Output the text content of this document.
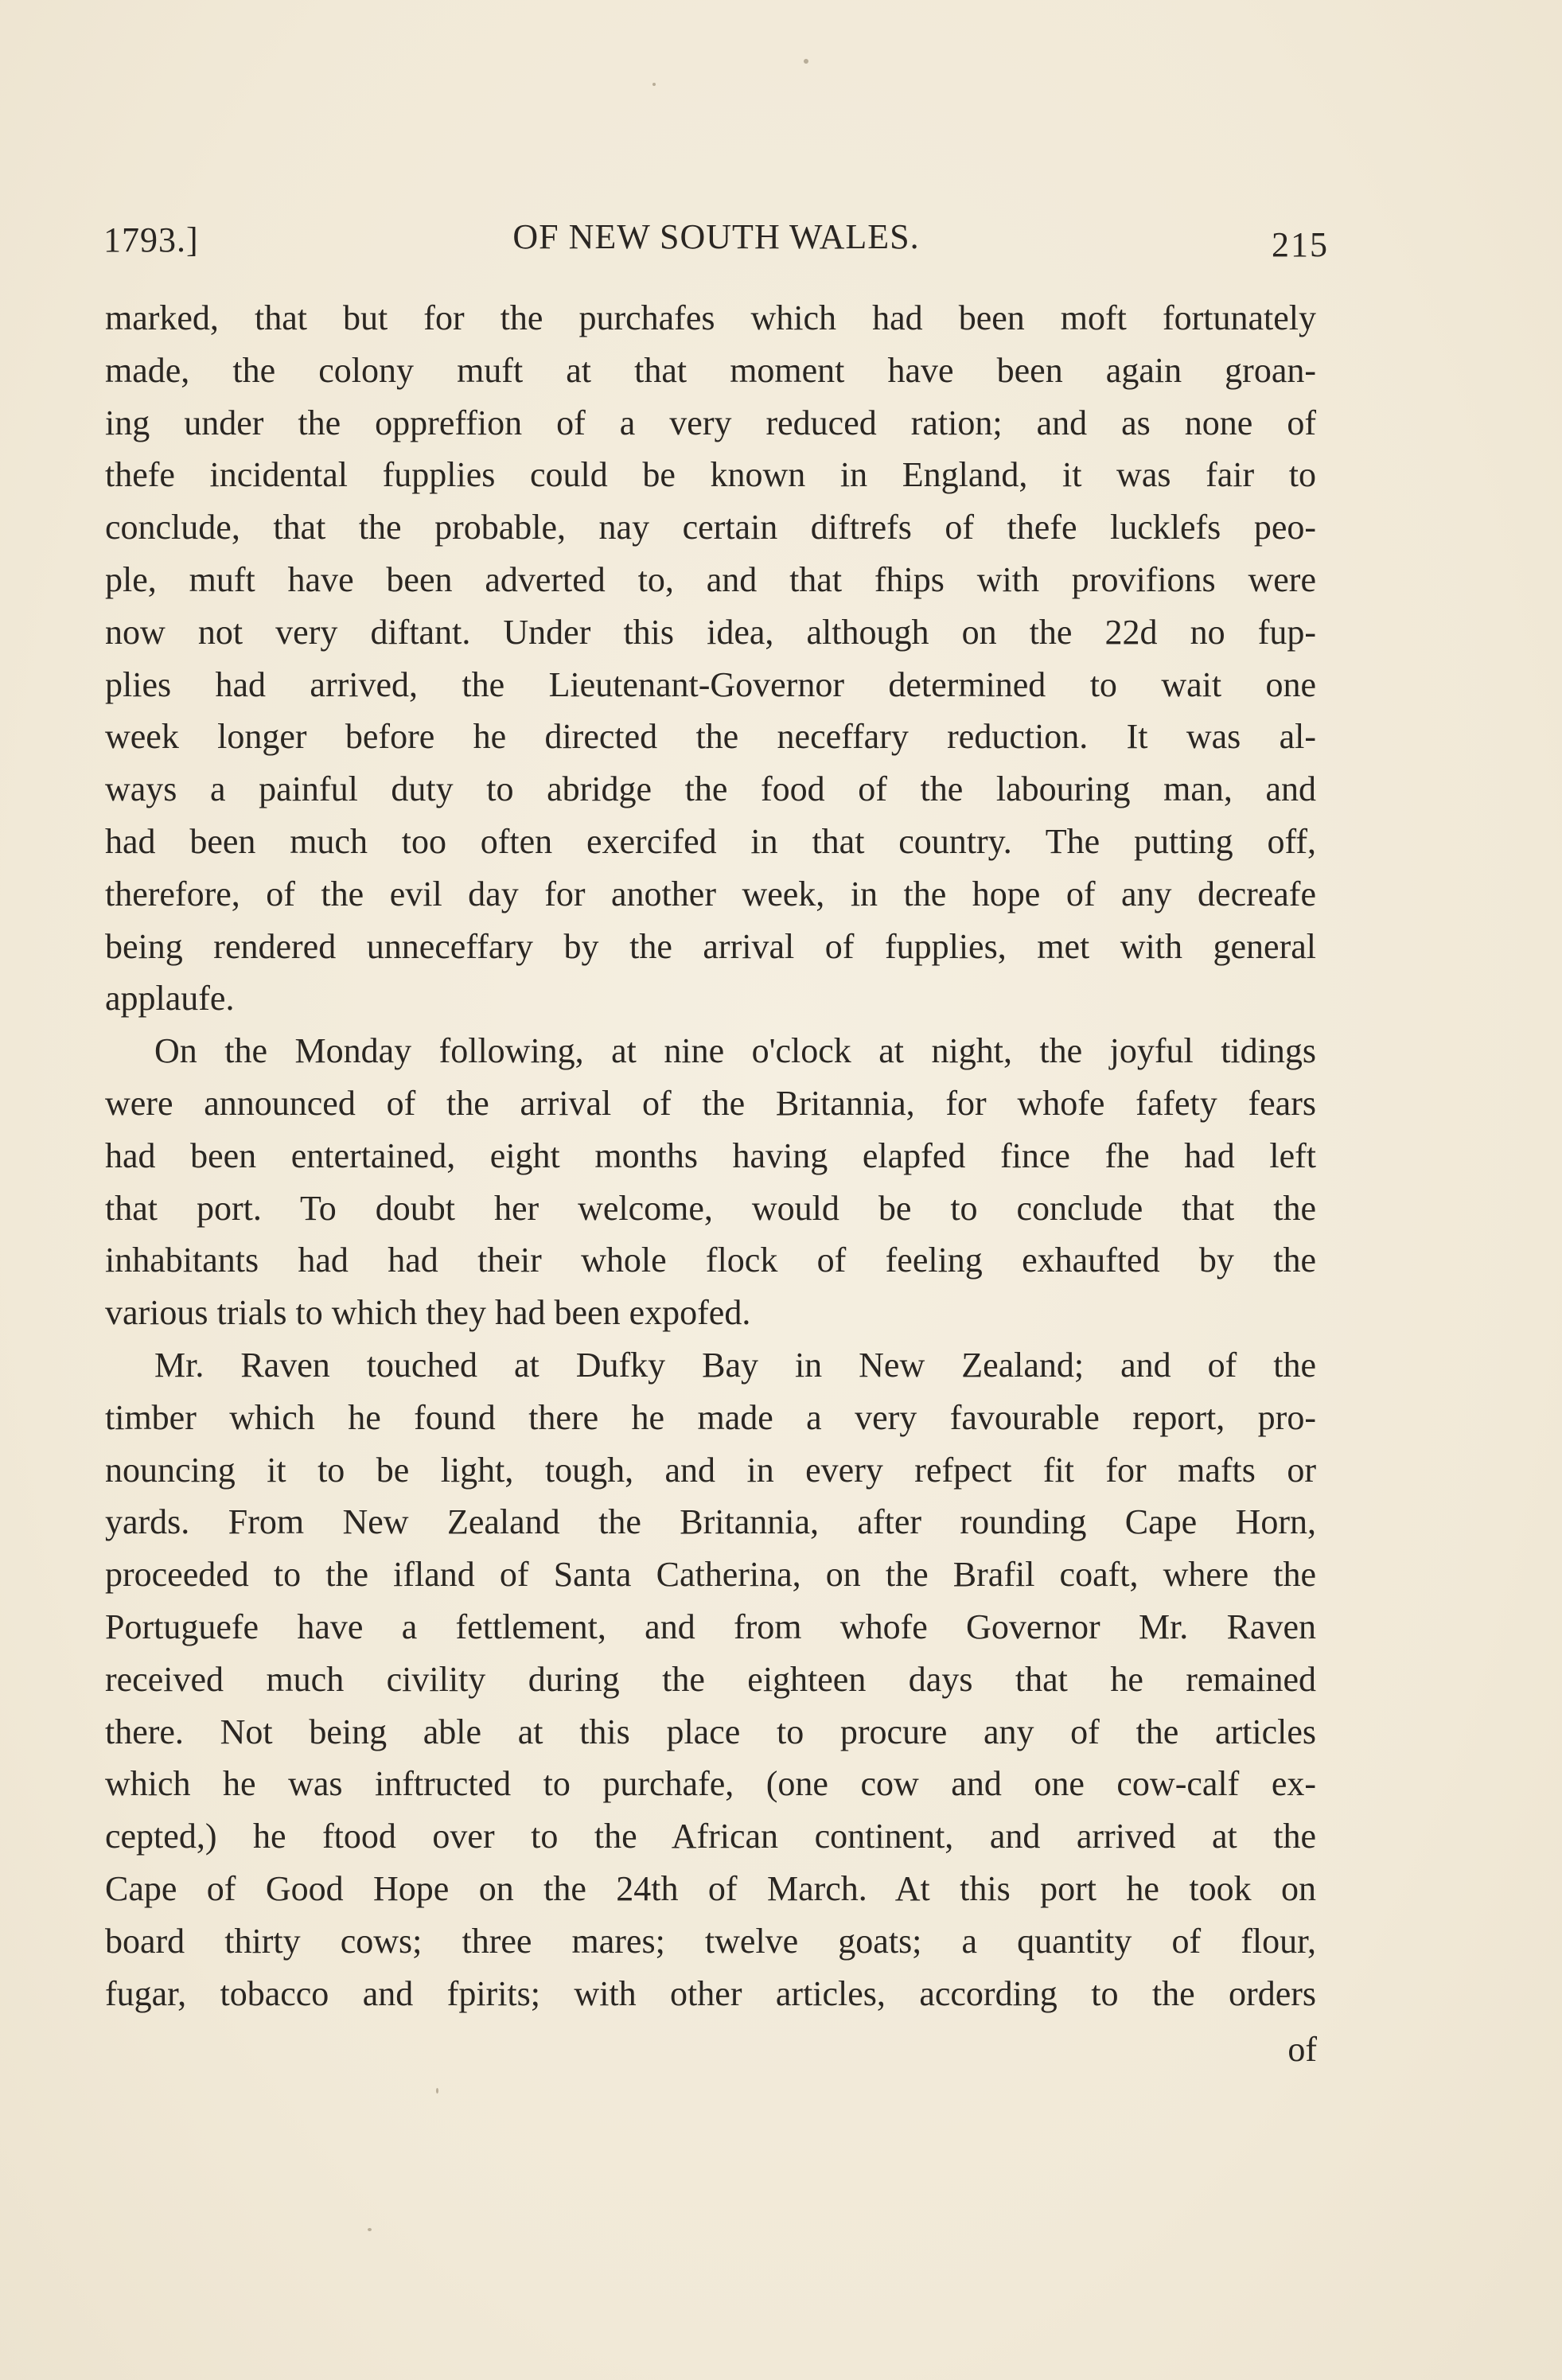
1793.]	OF NEW SOUTH WALES.	215
marked, that but for the purchafes which had been moft fortunately
made, the colony muft at that moment have been again groan-
ing under the oppreffion of a very reduced ration; and as none of
thefe incidental fupplies could be known in England, it was fair to
conclude, that the probable, nay certain diftrefs of thefe lucklefs peo-
ple, muft have been adverted to, and that fhips with provifions were
now not very diftant. Under this idea, although on the 22d no fup-
plies had arrived, the Lieutenant-Governor determined to wait one
week longer before he directed the neceffary reduction. It was al-
ways a painful duty to abridge the food of the labouring man, and
had been much too often exercifed in that country. The putting off,
therefore, of the evil day for another week, in the hope of any decreafe
being rendered unneceffary by the arrival of fupplies, met with general
applaufe.
On the Monday following, at nine o'clock at night, the joyful tidings
were announced of the arrival of the Britannia, for whofe fafety fears
had been entertained, eight months having elapfed fince fhe had left
that port. To doubt her welcome, would be to conclude that the
inhabitants had had their whole flock of feeling exhaufted by the
various trials to which they had been expofed.
Mr. Raven touched at Dufky Bay in New Zealand; and of the
timber which he found there he made a very favourable report, pro-
nouncing it to be light, tough, and in every refpect fit for mafts or
yards. From New Zealand the Britannia, after rounding Cape Horn,
proceeded to the ifland of Santa Catherina, on the Brafil coaft, where the
Portuguefe have a fettlement, and from whofe Governor Mr. Raven
received much civility during the eighteen days that he remained
there. Not being able at this place to procure any of the articles
which he was inftructed to purchafe, (one cow and one cow-calf ex-
cepted,) he ftood over to the African continent, and arrived at the
Cape of Good Hope on the 24th of March. At this port he took on
board thirty cows; three mares; twelve goats; a quantity of flour,
fugar, tobacco and fpirits; with other articles, according to the orders
of
